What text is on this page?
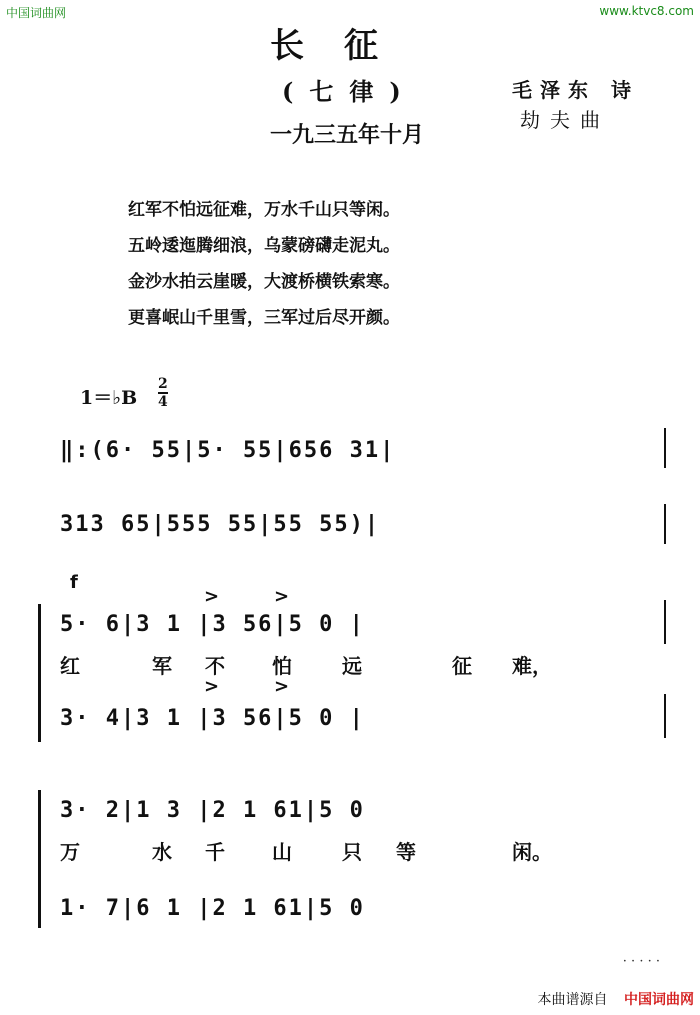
中国词曲网	www.ktvc8.com
长征
(七律)
一九三五年十月
毛泽东 诗
劫夫曲
红军不怕远征难，万水千山只等闲。
五岭逶迤腾细浪，乌蒙磅礴走泥丸。
金沙水拍云崖暖，大渡桥横铁索寒。
更喜岷山千里雪，三军过后尽开颜。
1＝♭B
2
4
‖:(6· 55|5· 55|656 31|
313 65|555 55|55 55)|
f
>	>
5· 6|3 1 |3 56|5 0 |
红	军 不 怕	远	征 难，
>	>
3· 4|3 1 |3 56|5 0 |
3· 2|1 3 |2 1 61|5 0
万	水 千 山	只 等	闲。
1· 7|6 1 |2 1 61|5 0
· · · · ·
本曲谱源自 中国词曲网
